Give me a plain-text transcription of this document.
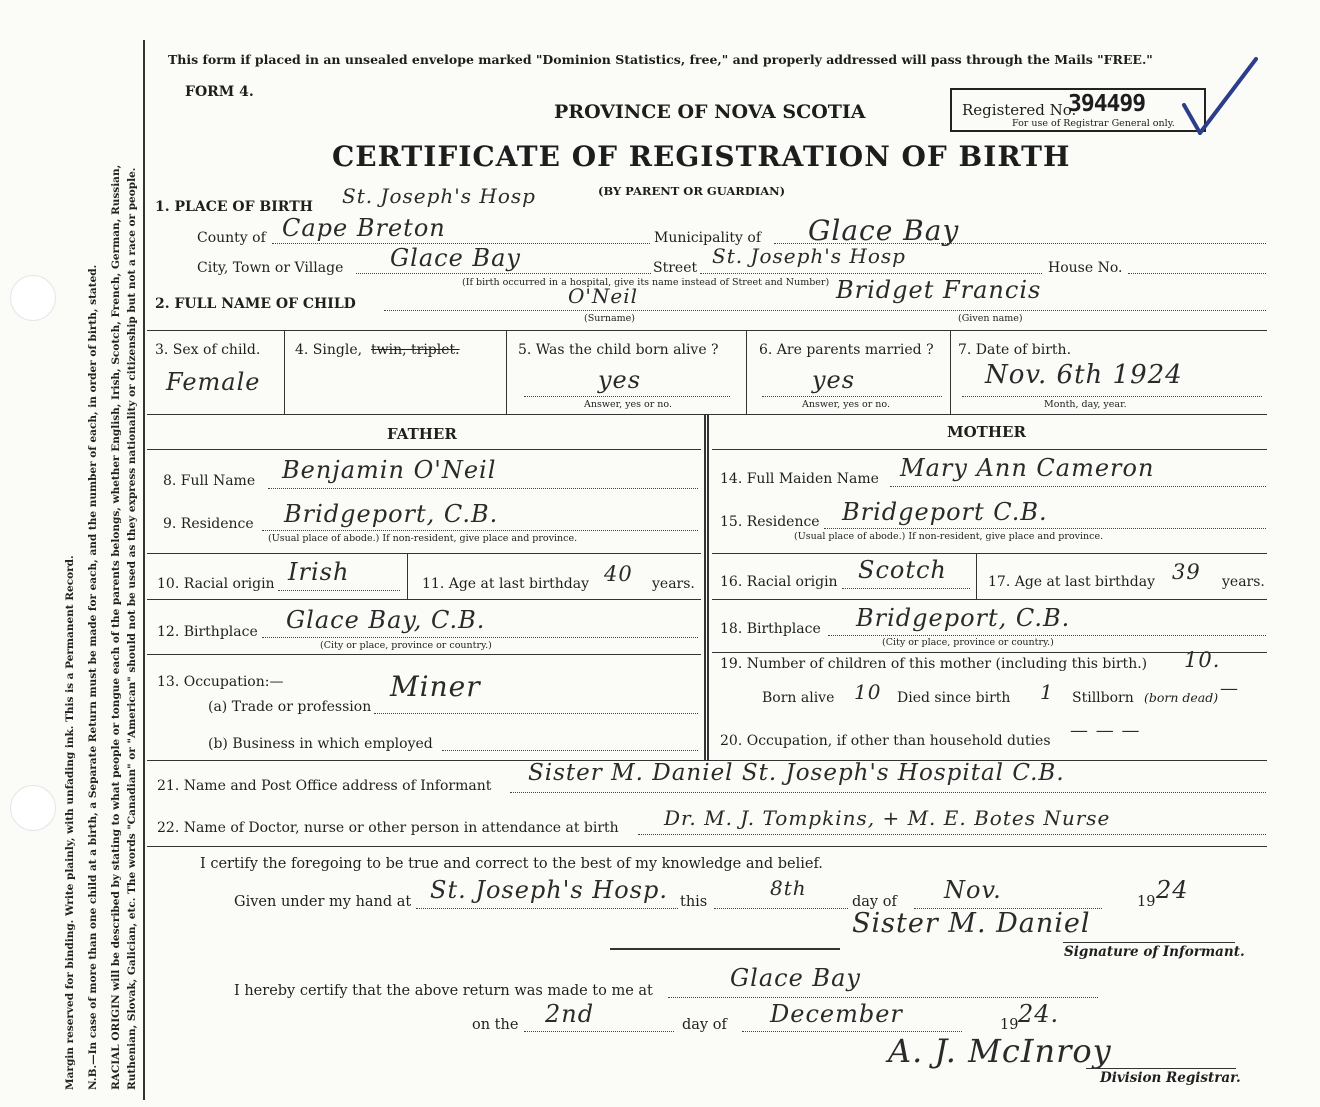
Margin reserved for binding. Write plainly, with unfading ink. This is a Permanent Record. N.B.—In case of more than one child at a birth, a Separate Return must be made for each, and the number of each, in order of birth, stated. RACIAL ORIGIN will be described by stating to what people or tongue each of the parents belongs, whether English, Irish, Scotch, French, German, Russian, Ruthenian, Slovak, Galician, etc. The words "Canadian" or "American" should not be used as they express nationality or citizenship but not a race or people.
This form if placed in an unsealed envelope marked "Dominion Statistics, free," and properly addressed will pass through the Mails "FREE."
FORM 4.
PROVINCE OF NOVA SCOTIA	Registered No.
394499
For use of Registrar General only.
CERTIFICATE OF REGISTRATION OF BIRTH
(BY PARENT OR GUARDIAN)
1. PLACE OF BIRTH St. Joseph's Hosp
County of Cape Breton	Municipality of Glace Bay
City, Town or Village Glace Bay
(If birth occurred in a hospital, give its name instead of Street and Number)
Street St. Joseph's Hosp	House No.
2. FULL NAME OF CHILD	O'Neil
(Surname)
Bridget Francis
(Given name)
3. Sex of child.
Female
4. Single, twin, triplet.	5. Was the child born alive ?
yes
Answer, yes or no.
6. Are parents married ?
yes
Answer, yes or no.
7. Date of birth.
Nov. 6th 1924
Month, day, year.
FATHER	MOTHER
8. Full Name Benjamin O'Neil
9. Residence Bridgeport, C.B.
(Usual place of abode.) If non-resident, give place and province.
10. Racial origin Irish	11. Age at last birthday 40 years.
12. Birthplace Glace Bay, C.B.
(City or place, province or country.)
13. Occupation:—	Miner
(a) Trade or profession
(b) Business in which employed
14. Full Maiden Name Mary Ann Cameron
15. Residence Bridgeport C.B.
(Usual place of abode.) If non-resident, give place and province.
16. Racial origin Scotch	17. Age at last birthday 39 years.
18. Birthplace Bridgeport, C.B.
(City or place, province or country.)
19. Number of children of this mother (including this birth.) 10.
Born alive 10 Died since birth 1 Stillborn (born dead) —
20. Occupation, if other than household duties — — —
21. Name and Post Office address of Informant Sister M. Daniel St. Joseph's Hospital C.B.
22. Name of Doctor, nurse or other person in attendance at birth Dr. M. J. Tompkins, + M. E. Botes Nurse
I certify the foregoing to be true and correct to the best of my knowledge and belief.
Given under my hand at St. Joseph's Hosp. this
8th
day of Nov.	19 24
Sister M. Daniel
Signature of Informant.
I hereby certify that the above return was made to me at	Glace Bay
on the 2nd	day of December	19 24.
A. J. McInroy
Division Registrar.
